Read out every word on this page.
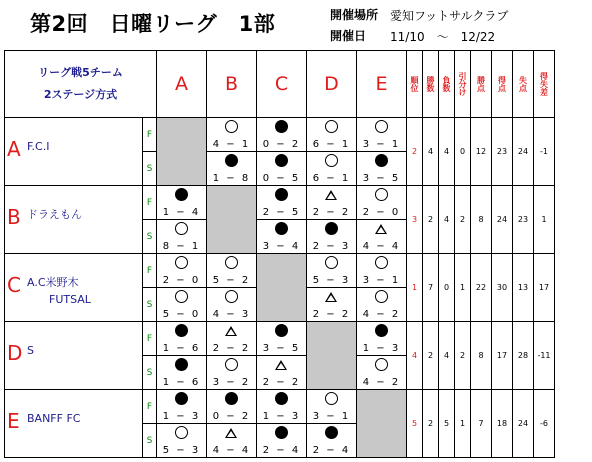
第2回　日曜リーグ　1部	開催場所 愛知フットサルクラブ
開催日 11/10　～　12/22
リーグ戦5チーム
2ステージ方式		A	B	C	D	E	順位	勝数	負数	引分け	勝点	得点	失点	得失差

A F.C.I	F		4 − 1	0 − 2	6 − 1	3 − 1	2	4	4	0	12	23	24	-1
	S		1 − 8	0 − 5	6 − 1	3 − 5								

B ドラえもん	F	1 − 4		2 − 5	2 − 2	2 − 0	3	2	4	2	8	24	23	1
	S	8 − 1		3 − 4	2 − 3	4 − 4								

C A.C米野木
　　FUTSAL	F	2 − 0	5 − 2		5 − 3	3 − 1	1	7	0	1	22	30	13	17
	S	5 − 0	4 − 3		2 − 2	4 − 2								

D S	F	1 − 6	2 − 2	3 − 5		1 − 3	4	2	4	2	8	17	28	-11
	S	1 − 6	3 − 2	2 − 2		4 − 2								

E BANFF FC	F	1 − 3	0 − 2	1 − 3	3 − 1		5	2	5	1	7	18	24	-6
	S	5 − 3	4 − 4	2 − 4	2 − 4									
